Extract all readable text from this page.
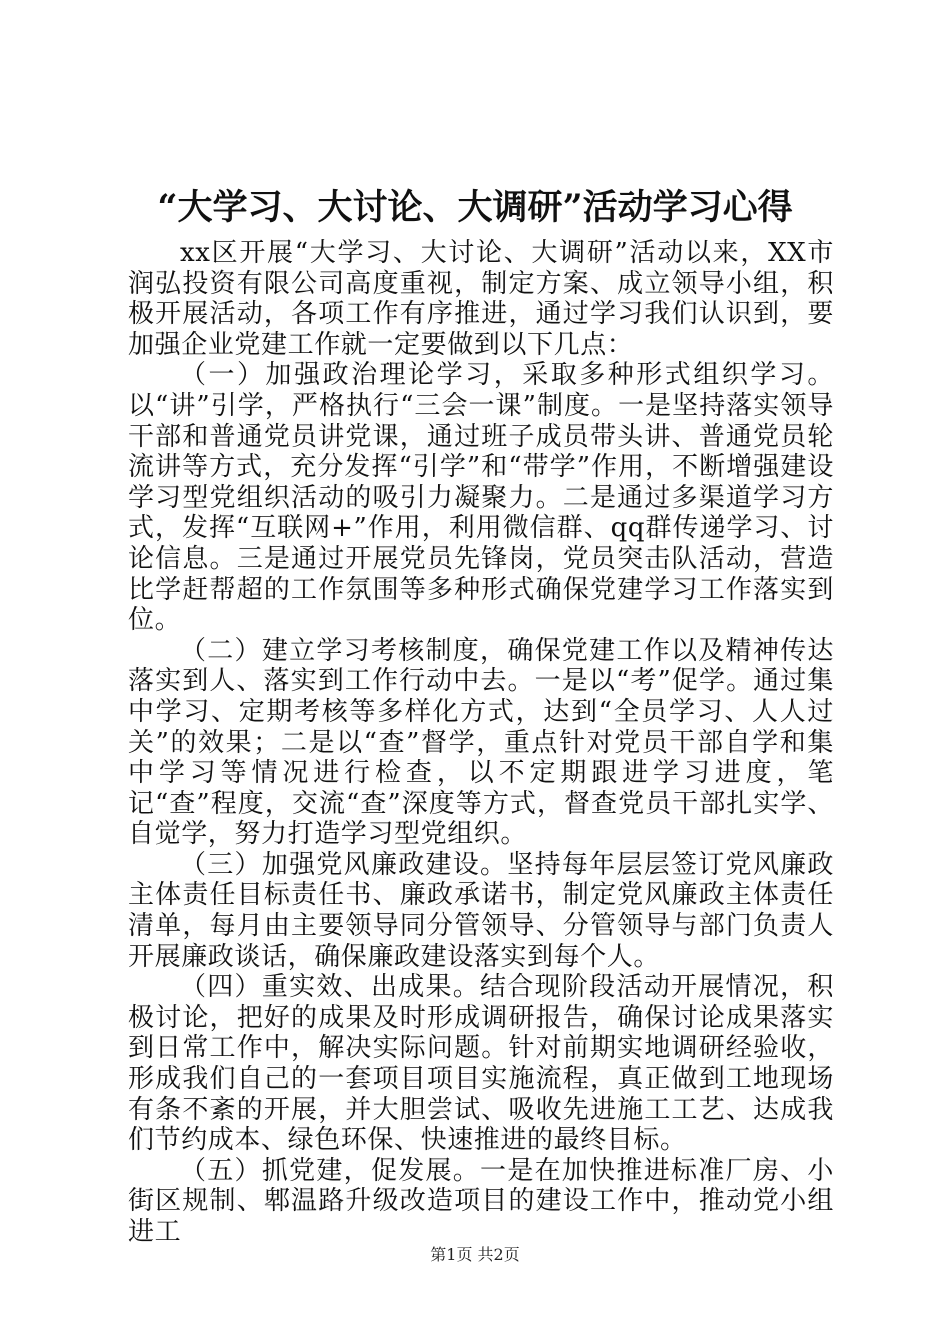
“大学习、大讨论、大调研”活动学习心得

xx区开展“大学习、大讨论、大调研”活动以来，XX市润弘投资有限公司高度重视，制定方案、成立领导小组，积极开展活动，各项工作有序推进，通过学习我们认识到，要加强企业党建工作就一定要做到以下几点：

（一）加强政治理论学习，采取多种形式组织学习。以“讲”引学，严格执行“三会一课”制度。一是坚持落实领导干部和普通党员讲党课，通过班子成员带头讲、普通党员轮流讲等方式，充分发挥“引学”和“带学”作用，不断增强建设学习型党组织活动的吸引力凝聚力。二是通过多渠道学习方式，发挥“互联网+”作用，利用微信群、qq群传递学习、讨论信息。三是通过开展党员先锋岗，党员突击队活动，营造比学赶帮超的工作氛围等多种形式确保党建学习工作落实到位。

（二）建立学习考核制度，确保党建工作以及精神传达落实到人、落实到工作行动中去。一是以“考”促学。通过集中学习、定期考核等多样化方式，达到“全员学习、人人过关”的效果；二是以“查”督学，重点针对党员干部自学和集中学习等情况进行检查，以不定期跟进学习进度，笔记“查”程度，交流“查”深度等方式，督查党员干部扎实学、自觉学，努力打造学习型党组织。

（三）加强党风廉政建设。坚持每年层层签订党风廉政主体责任目标责任书、廉政承诺书，制定党风廉政主体责任清单，每月由主要领导同分管领导、分管领导与部门负责人开展廉政谈话，确保廉政建设落实到每个人。

（四）重实效、出成果。结合现阶段活动开展情况，积极讨论，把好的成果及时形成调研报告，确保讨论成果落实到日常工作中，解决实际问题。针对前期实地调研经验收，形成我们自己的一套项目项目实施流程，真正做到工地现场有条不紊的开展，并大胆尝试、吸收先进施工工艺、达成我们节约成本、绿色环保、快速推进的最终目标。

（五）抓党建，促发展。一是在加快推进标准厂房、小街区规制、郫温路升级改造项目的建设工作中，推动党小组进工

第1页 共2页
